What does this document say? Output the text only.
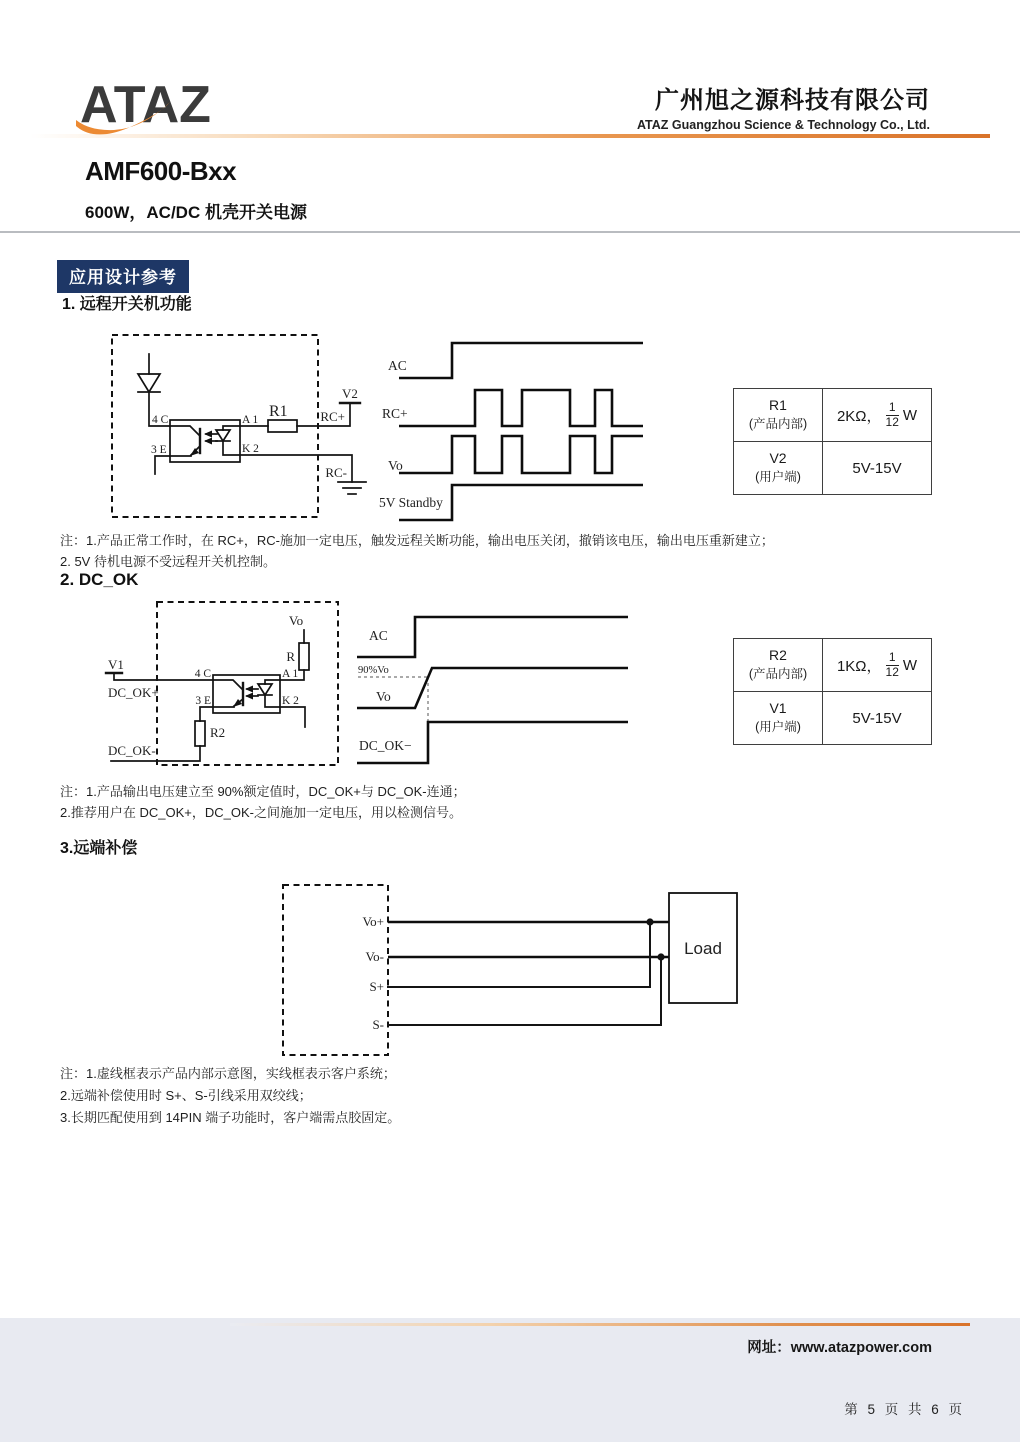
ATAZ	广州旭之源科技有限公司
ATAZ Guangzhou Science & Technology Co., Ltd.
AMF600-Bxx
600W，AC/DC 机壳开关电源
应用设计参考
1. 远程开关机功能
4 C
3 E
A 1
K 2
R1
V2
RC+
RC-
AC
RC+
Vo
5V Standby
R1
(产品内部) 2KΩ， $\frac{1}{12}$ W
V2
(用户端)
5V-15V
注：1.产品正常工作时，在 RC+，RC-施加一定电压，触发远程关断功能，输出电压关闭，撤销该电压，输出电压重新建立；
2. 5V 待机电源不受远程开关机控制。
2. DC_OK
Vo
R
V1
DC_OK+
DC_OK-
R2
4 C
3 E
A 1
K 2
AC
90%Vo
Vo
DC_OK−
R2
(产品内部) 1KΩ， $\frac{1}{12}$ W
V1
(用户端)
5V-15V
注：1.产品输出电压建立至 90%额定值时，DC_OK+与 DC_OK-连通；
2.推荐用户在 DC_OK+，DC_OK-之间施加一定电压，用以检测信号。
3.远端补偿
Load
Vo+
Vo-
S+
S-
注：1.虚线框表示产品内部示意图，实线框表示客户系统；
2.远端补偿使用时 S+、S-引线采用双绞线；
3.长期匹配使用到 14PIN 端子功能时，客户端需点胶固定。
网址：www.atazpower.com
第 5 页 共 6 页
